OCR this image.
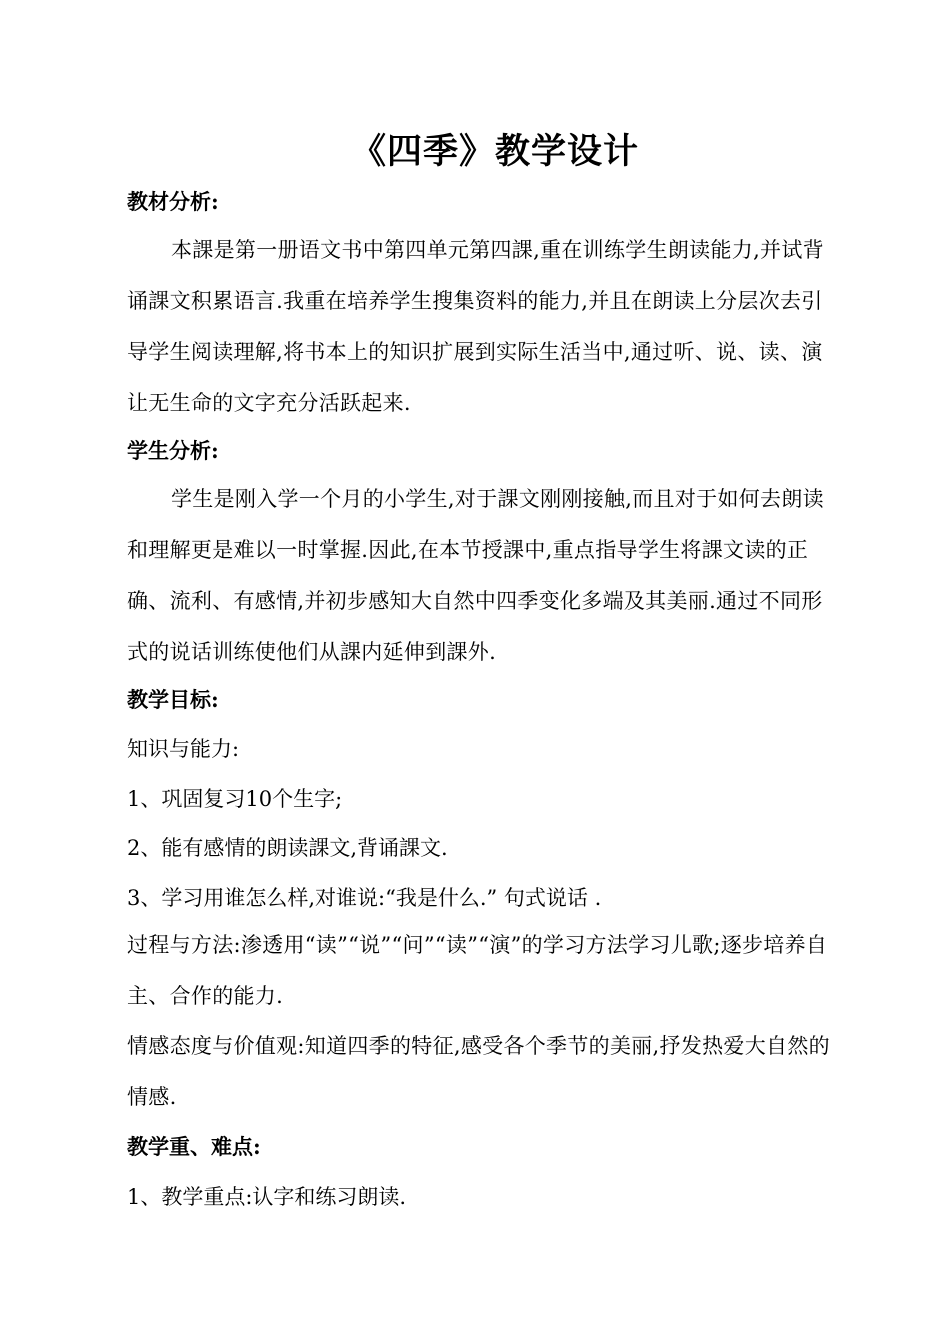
《四季》教学设计
教材分析:
本課是第一册语文书中第四单元第四課,重在训练学生朗读能力,并试背诵課文积累语言.我重在培养学生搜集资料的能力,并且在朗读上分层次去引导学生阅读理解,将书本上的知识扩展到实际生活当中,通过听、说、读、演让无生命的文字充分活跃起来.
学生分析:
学生是刚入学一个月的小学生,对于課文刚刚接触,而且对于如何去朗读和理解更是难以一时掌握.因此,在本节授課中,重点指导学生将課文读的正确、流利、有感情,并初步感知大自然中四季变化多端及其美丽.通过不同形式的说话训练使他们从課内延伸到課外.
教学目标:
知识与能力:
1、巩固复习10个生字;
2、能有感情的朗读課文,背诵課文.
3、学习用谁怎么样,对谁说:“我是什么.” 句式说话 .
过程与方法:渗透用“读”“说”“问”“读”“演”的学习方法学习儿歌;逐步培养自主、合作的能力.
情感态度与价值观:知道四季的特征,感受各个季节的美丽,抒发热爱大自然的情感.
教学重、难点:
1、教学重点:认字和练习朗读.
